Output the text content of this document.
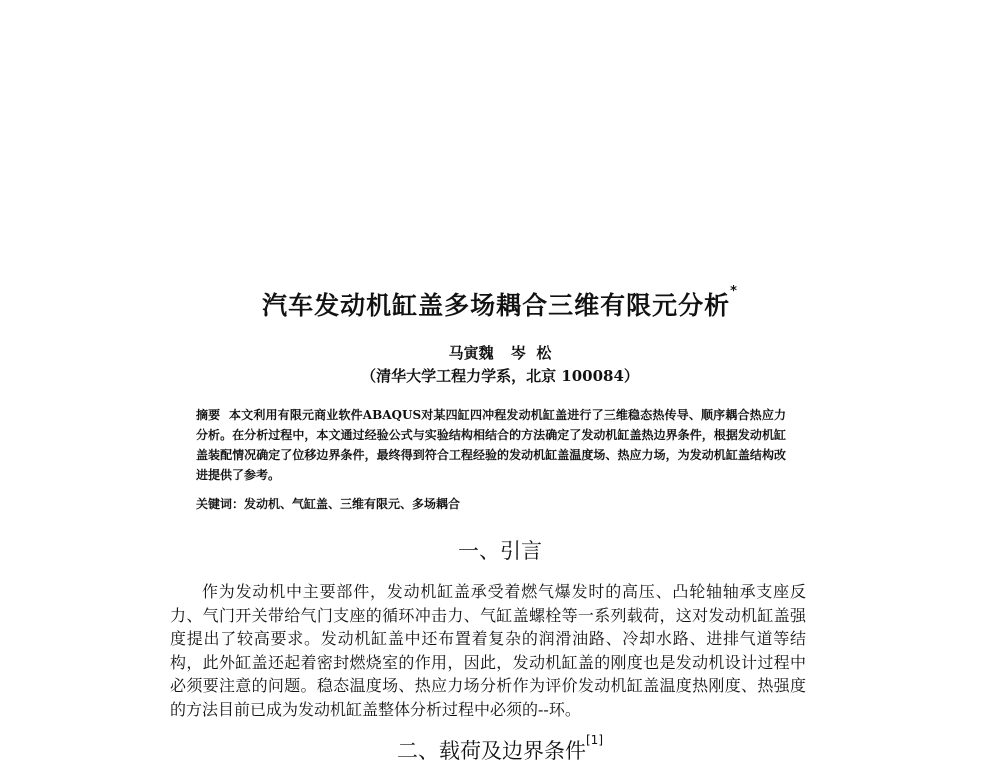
汽车发动机缸盖多场耦合三维有限元分析*
马寅魏 岑  松
（清华大学工程力学系，北京 100084）

摘要 本文利用有限元商业软件ABAQUS对某四缸四冲程发动机缸盖进行了三维稳态热传导、顺序耦合热应力分析。在分析过程中，本文通过经验公式与实验结构相结合的方法确定了发动机缸盖热边界条件，根据发动机缸盖装配情况确定了位移边界条件，最终得到符合工程经验的发动机缸盖温度场、热应力场，为发动机缸盖结构改进提供了参考。

关键词：发动机、气缸盖、三维有限元、多场耦合
一、引言

作为发动机中主要部件，发动机缸盖承受着燃气爆发时的高压、凸轮轴轴承支座反力、气门开关带给气门支座的循环冲击力、气缸盖螺栓等一系列载荷，这对发动机缸盖强度提出了较高要求。发动机缸盖中还布置着复杂的润滑油路、冷却水路、进排气道等结构，此外缸盖还起着密封燃烧室的作用，因此，发动机缸盖的刚度也是发动机设计过程中必须要注意的问题。稳态温度场、热应力场分析作为评价发动机缸盖温度热刚度、热强度的方法目前已成为发动机缸盖整体分析过程中必须的--环。

二、载荷及边界条件[1]
